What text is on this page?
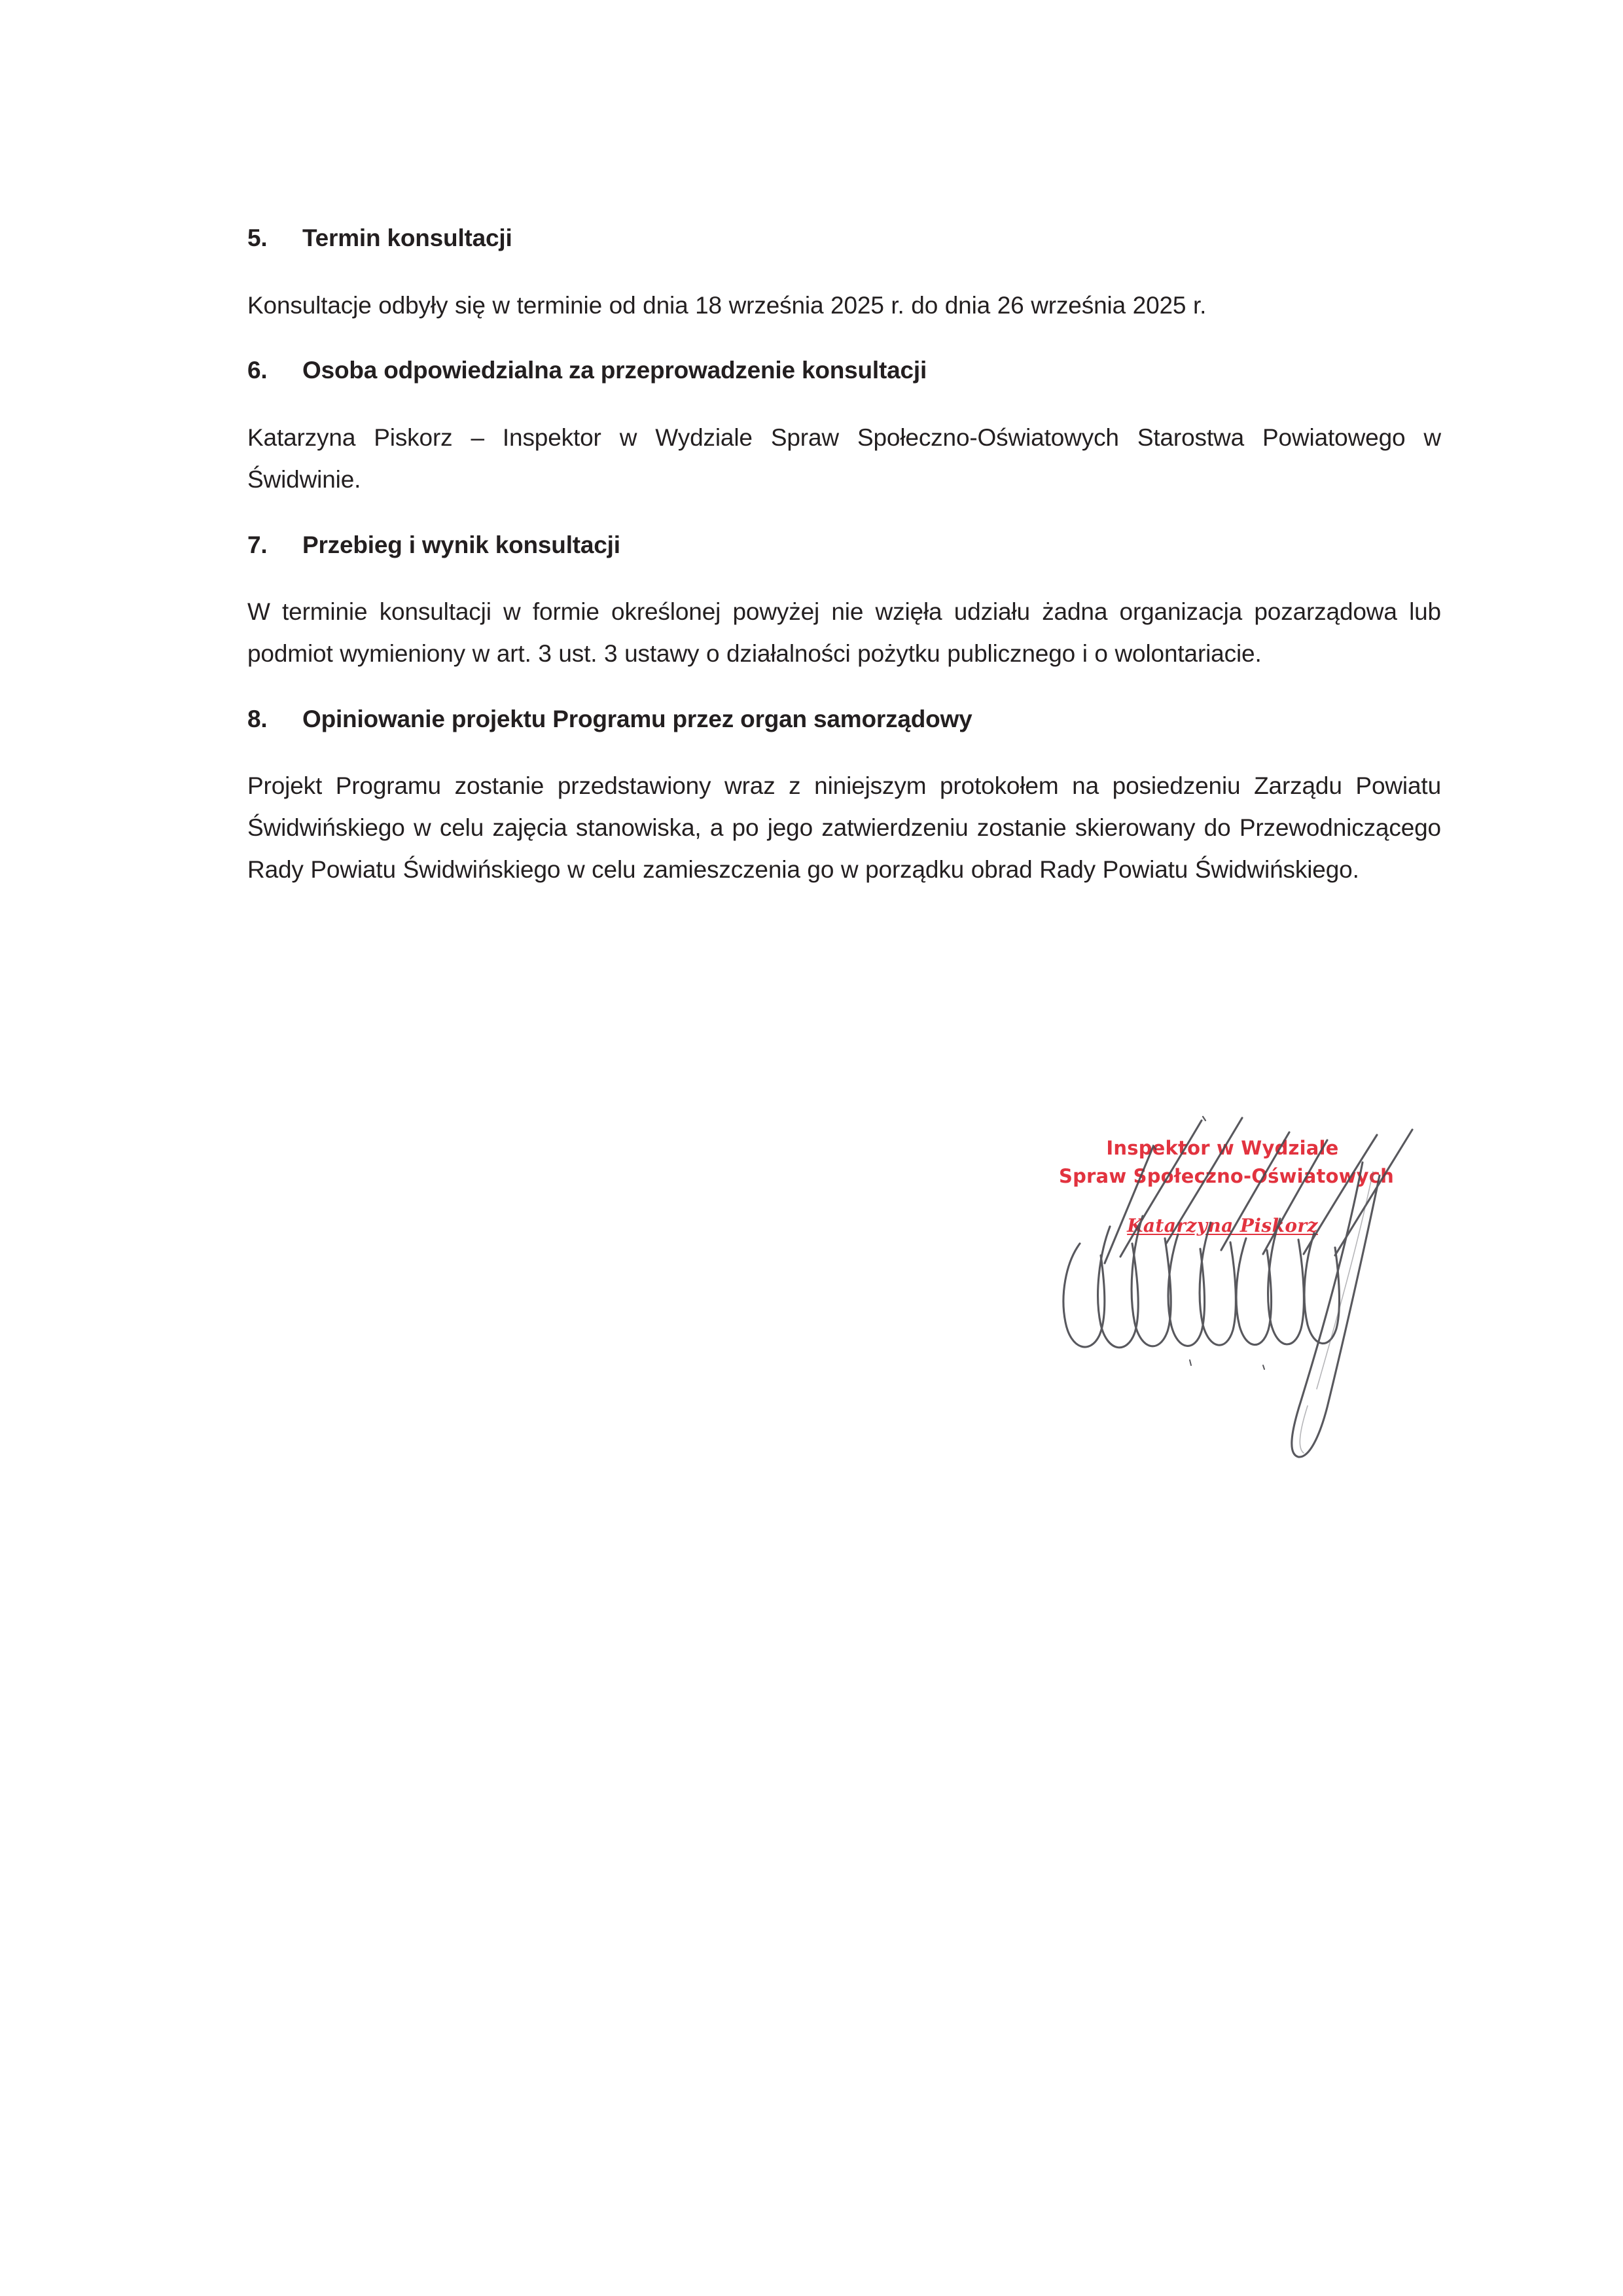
5.	Termin konsultacji

Konsultacje odbyły się w terminie od dnia 18 września 2025 r. do dnia 26 września 2025 r.

6.	Osoba odpowiedzialna za przeprowadzenie konsultacji

Katarzyna Piskorz – Inspektor w Wydziale Spraw Społeczno-Oświatowych Starostwa Powiatowego w Świdwinie.

7.	Przebieg i wynik konsultacji

W terminie konsultacji w formie określonej powyżej nie wzięła udziału żadna organizacja pozarządowa lub podmiot wymieniony w art. 3 ust. 3 ustawy o działalności pożytku publicznego i o wolontariacie.

8.	Opiniowanie projektu Programu przez organ samorządowy

Projekt Programu zostanie przedstawiony wraz z niniejszym protokołem na posiedzeniu Zarządu Powiatu Świdwińskiego w celu zajęcia stanowiska, a po jego zatwierdzeniu zostanie skierowany do Przewodniczącego Rady Powiatu Świdwińskiego w celu zamieszczenia go w porządku obrad Rady Powiatu Świdwińskiego.

Inspektor w Wydziale
Spraw Społeczno-Oświatowych
Katarzyna Piskorz
